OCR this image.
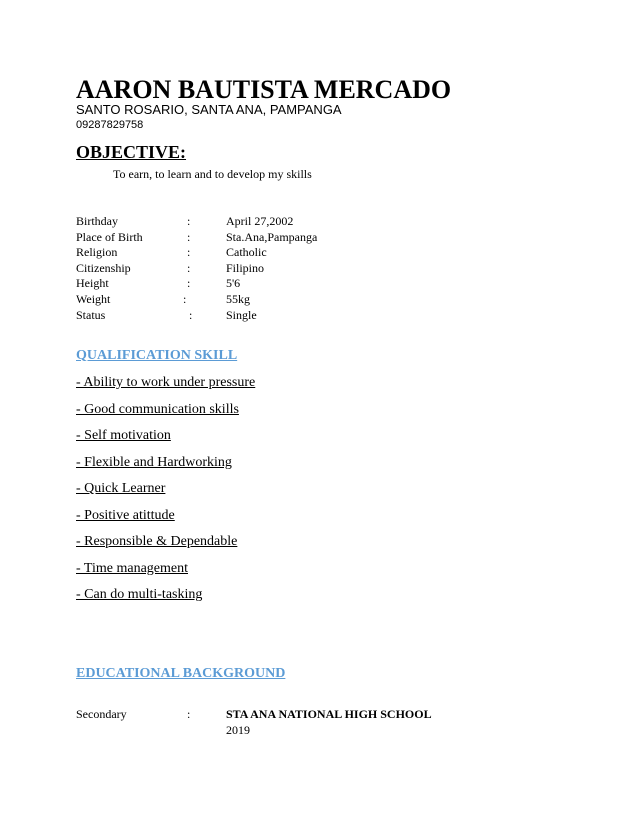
AARON BAUTISTA MERCADO
SANTO ROSARIO, SANTA ANA, PAMPANGA
09287829758
OBJECTIVE:
To earn, to learn and to develop my skills
Birthday	:	April 27,2002
Place of Birth	:	Sta.Ana,Pampanga
Religion	:	Catholic
Citizenship	:	Filipino
Height	:	5'6
Weight	:	55kg
Status	:	Single
QUALIFICATION SKILL
- Ability to work under pressure
- Good communication skills
- Self motivation
- Flexible and Hardworking
- Quick Learner
- Positive atittude
- Responsible & Dependable
- Time management
- Can do multi-tasking
EDUCATIONAL BACKGROUND
Secondary	:	STA ANA NATIONAL HIGH SCHOOL
2019
